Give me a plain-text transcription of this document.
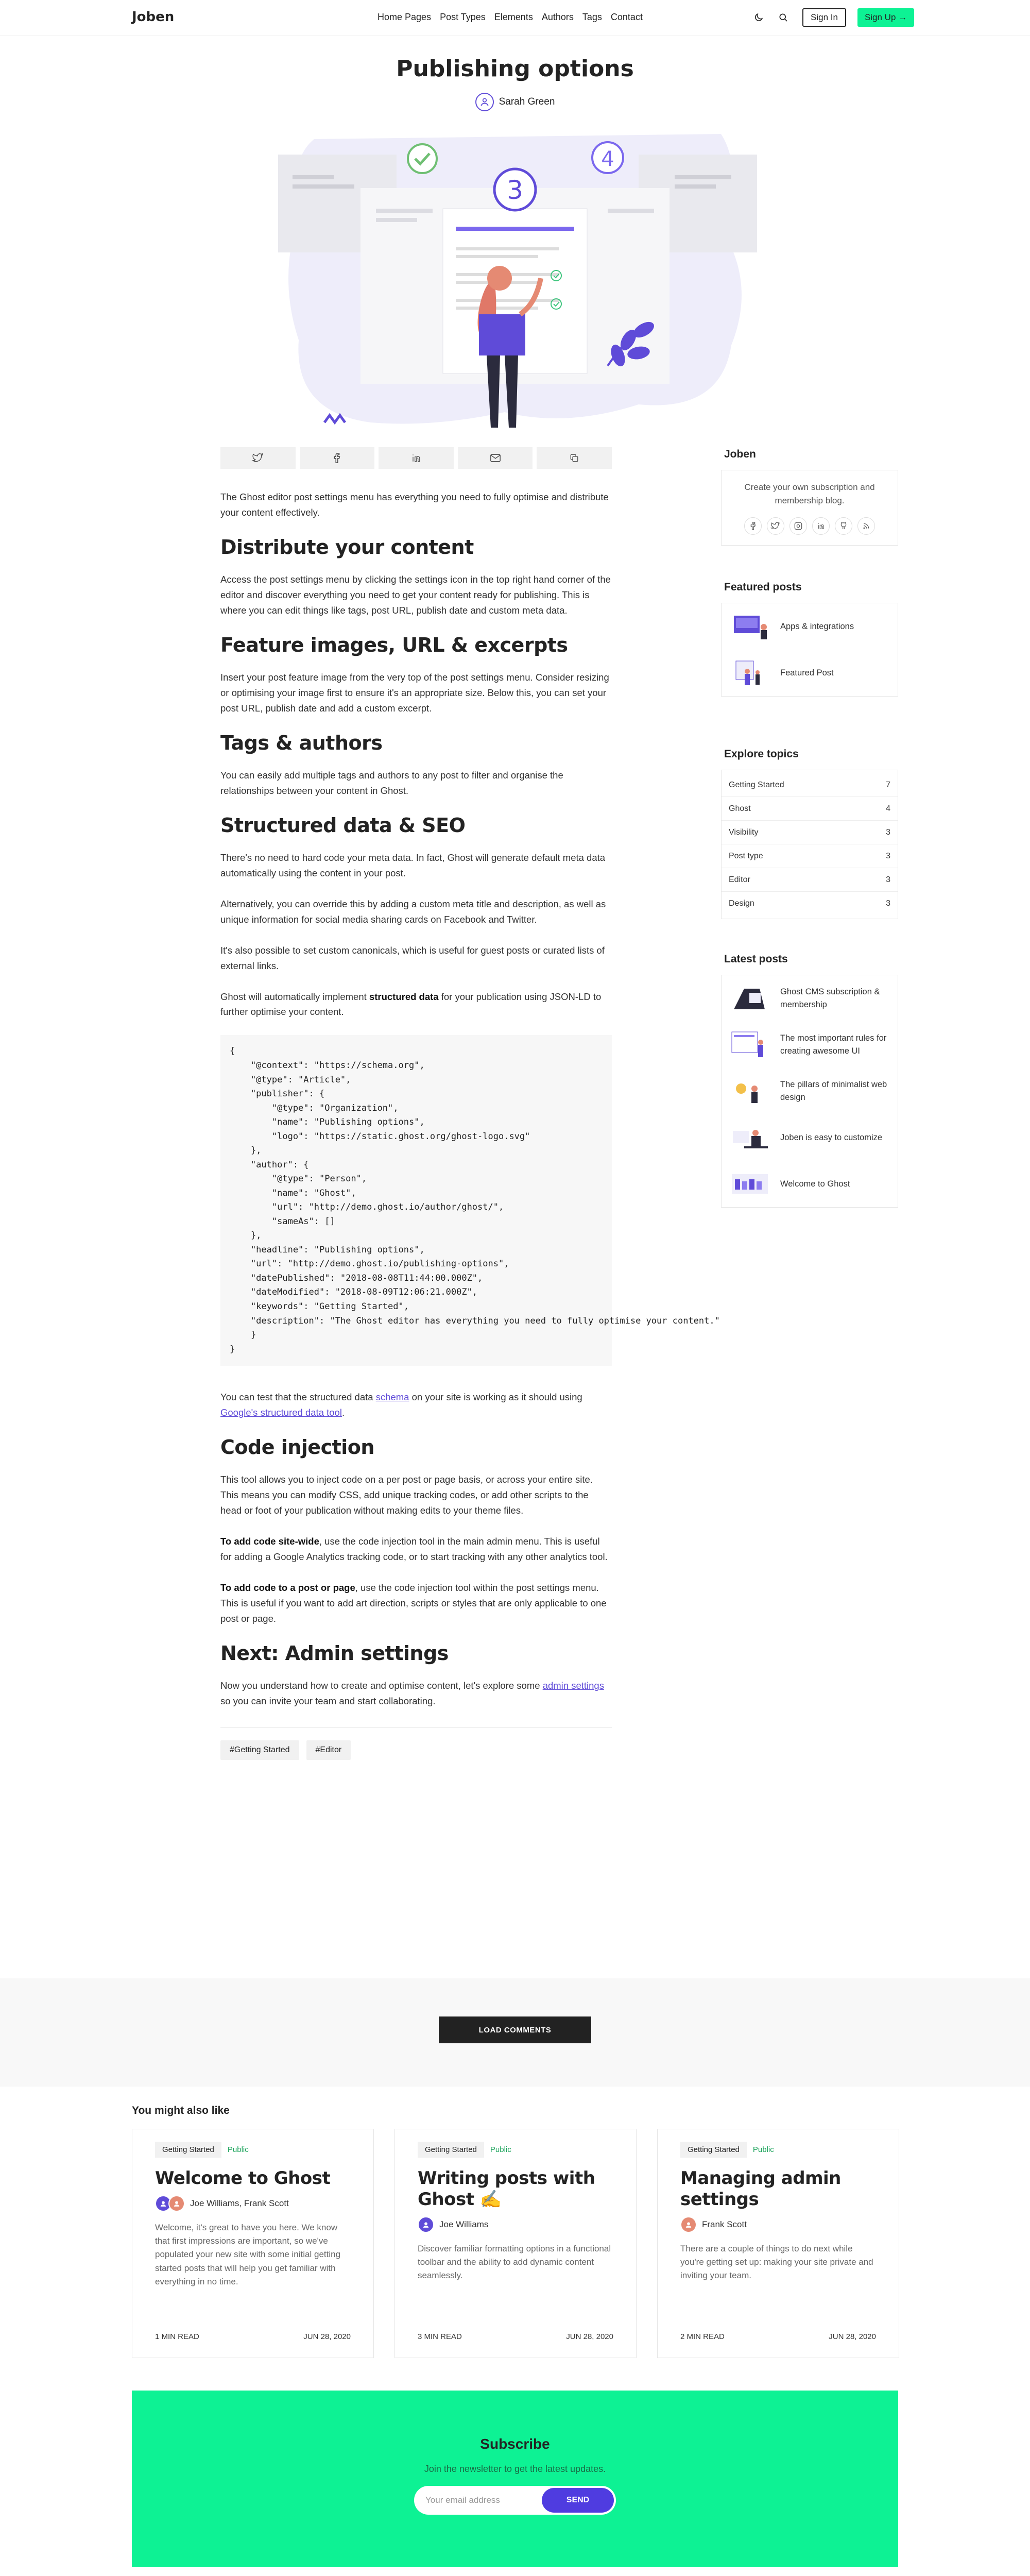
Joben	Home Pages Post Types Elements Authors Tags Contact	Sign In	Sign Up →
Publishing options
Sarah Green
3
4

The Ghost editor post settings menu has everything you need to fully optimise and distribute your content effectively.

Distribute your content

Access the post settings menu by clicking the settings icon in the top right hand corner of the editor and discover everything you need to get your content ready for publishing. This is where you can edit things like tags, post URL, publish date and custom meta data.

Feature images, URL & excerpts

Insert your post feature image from the very top of the post settings menu. Consider resizing or optimising your image first to ensure it's an appropriate size. Below this, you can set your post URL, publish date and add a custom excerpt.

Tags & authors

You can easily add multiple tags and authors to any post to filter and organise the relationships between your content in Ghost.

Structured data & SEO

There's no need to hard code your meta data. In fact, Ghost will generate default meta data automatically using the content in your post.

Alternatively, you can override this by adding a custom meta title and description, as well as unique information for social media sharing cards on Facebook and Twitter.

It's also possible to set custom canonicals, which is useful for guest posts or curated lists of external links.

Ghost will automatically implement structured data for your publication using JSON-LD to further optimise your content.

{
"@context": "https://schema.org",
"@type": "Article",
"publisher": {
"@type": "Organization",
"name": "Publishing options",
"logo": "https://static.ghost.org/ghost-logo.svg"
},
"author": {
"@type": "Person",
"name": "Ghost",
"url": "http://demo.ghost.io/author/ghost/",
"sameAs": []
},
"headline": "Publishing options",
"url": "http://demo.ghost.io/publishing-options",
"datePublished": "2018-08-08T11:44:00.000Z",
"dateModified": "2018-08-09T12:06:21.000Z",
"keywords": "Getting Started",
"description": "The Ghost editor has everything you need to fully optimise your content."
}
}

You can test that the structured data schema on your site is working as it should using Google's structured data tool.

Code injection

This tool allows you to inject code on a per post or page basis, or across your entire site. This means you can modify CSS, add unique tracking codes, or add other scripts to the head or foot of your publication without making edits to your theme files.

To add code site-wide, use the code injection tool in the main admin menu. This is useful for adding a Google Analytics tracking code, or to start tracking with any other analytics tool.

To add code to a post or page, use the code injection tool within the post settings menu. This is useful if you want to add art direction, scripts or styles that are only applicable to one post or page.

Next: Admin settings

Now you understand how to create and optimise content, let's explore some admin settings so you can invite your team and start collaborating.

#Getting Started	#Editor
Joben
Create your own subscription and membership blog.
Featured posts
Apps & integrations
Featured Post
Explore topics
Getting Started	7
Ghost	4
Visibility	3
Post type	3
Editor	3
Design	3
Latest posts
Ghost CMS subscription & membership
The most important rules for creating awesome UI
The pillars of minimalist web design
Joben is easy to customize
Welcome to Ghost
LOAD COMMENTS
You might also like
Getting Started	Public
Welcome to Ghost
Joe Williams, Frank Scott

Welcome, it's great to have you here. We know that first impressions are important, so we've populated your new site with some initial getting started posts that will help you get familiar with everything in no time.

1 MIN READ	JUN 28, 2020
Getting Started	Public
Writing posts with Ghost ✍️
Joe Williams

Discover familiar formatting options in a functional toolbar and the ability to add dynamic content seamlessly.

3 MIN READ	JUN 28, 2020
Getting Started	Public
Managing admin settings
Frank Scott

There are a couple of things to do next while you're getting set up: making your site private and inviting your team.

2 MIN READ	JUN 28, 2020
Subscribe
Join the newsletter to get the latest updates.
Your email address	SEND
